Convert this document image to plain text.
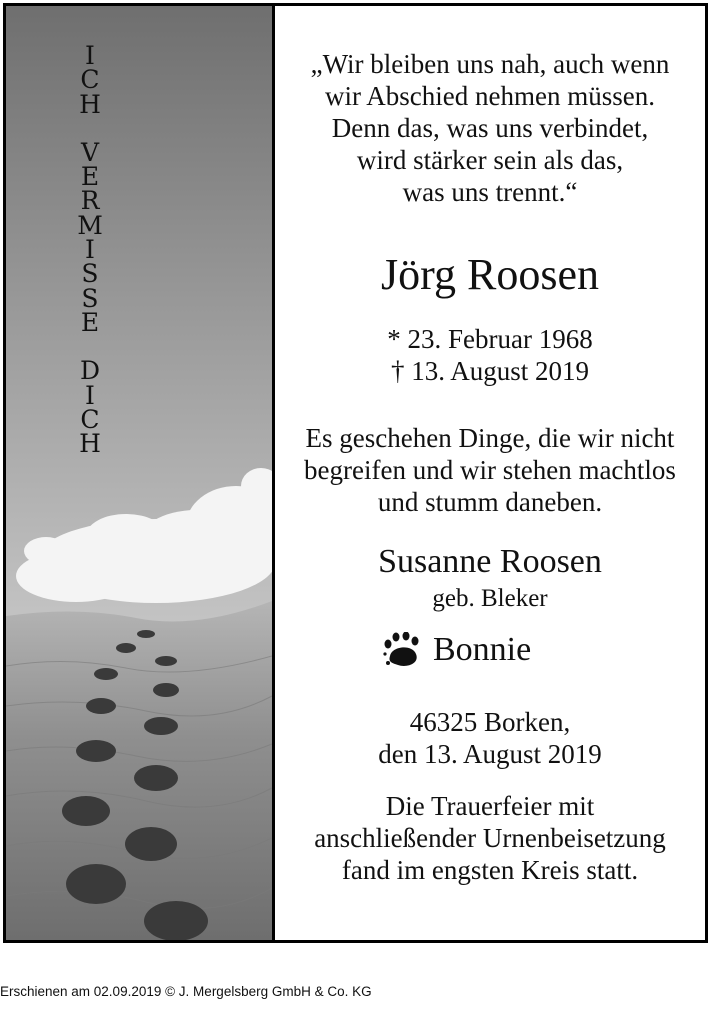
I
C
H
V
E
R
M
I
S
S
E
D
I
C
H
„Wir bleiben uns nah, auch wenn
wir Abschied nehmen müssen.
Denn das, was uns verbindet,
wird stärker sein als das,
was uns trennt.“
Jörg Roosen
* 23. Februar 1968
† 13. August 2019
Es geschehen Dinge, die wir nicht
begreifen und wir stehen machtlos
und stumm daneben.
Susanne Roosen
geb. Bleker
Bonnie
46325 Borken,
den 13. August 2019
Die Trauerfeier mit
anschließender Urnenbeisetzung
fand im engsten Kreis statt.
Erschienen am 02.09.2019 © J. Mergelsberg GmbH & Co. KG
